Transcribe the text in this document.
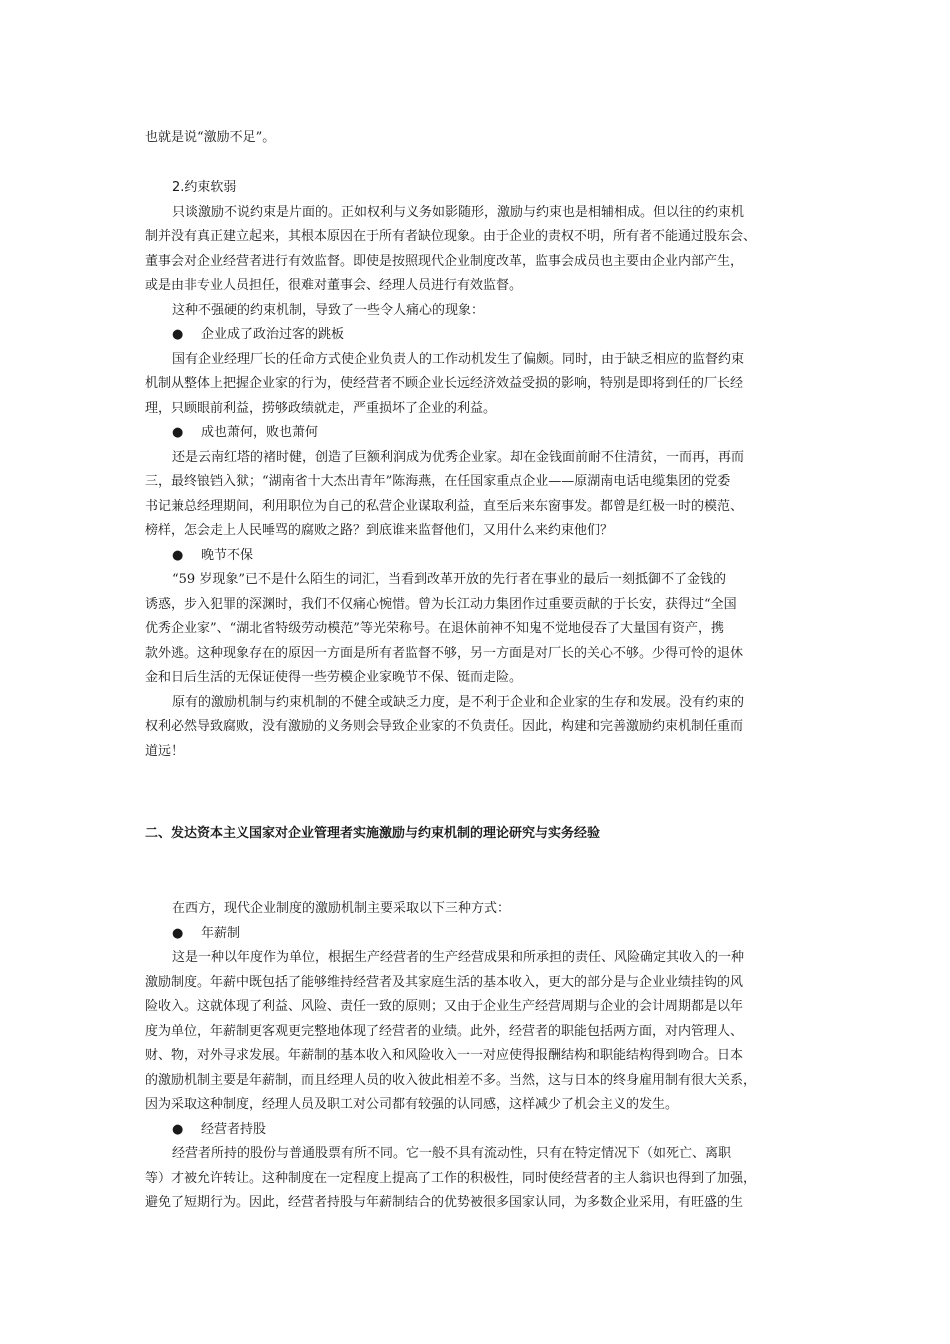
也就是说“激励不足”。

2.约束软弱

只谈激励不说约束是片面的。正如权利与义务如影随形，激励与约束也是相辅相成。但以往的约束机

制并没有真正建立起来，其根本原因在于所有者缺位现象。由于企业的责权不明，所有者不能通过股东会、

董事会对企业经营者进行有效监督。即使是按照现代企业制度改革，监事会成员也主要由企业内部产生，

或是由非专业人员担任，很难对董事会、经理人员进行有效监督。

这种不强硬的约束机制，导致了一些令人痛心的现象：

● 企业成了政治过客的跳板

国有企业经理厂长的任命方式使企业负责人的工作动机发生了偏颇。同时，由于缺乏相应的监督约束

机制从整体上把握企业家的行为，使经营者不顾企业长远经济效益受损的影响，特别是即将到任的厂长经

理，只顾眼前利益，捞够政绩就走，严重损坏了企业的利益。

● 成也萧何，败也萧何

还是云南红塔的褚时健，创造了巨额利润成为优秀企业家。却在金钱面前耐不住清贫，一而再，再而

三，最终锒铛入狱；“湖南省十大杰出青年”陈海燕，在任国家重点企业——原湖南电话电缆集团的党委

书记兼总经理期间，利用职位为自己的私营企业谋取利益，直至后来东窗事发。都曾是红极一时的模范、

榜样，怎会走上人民唾骂的腐败之路？到底谁来监督他们，又用什么来约束他们？

● 晚节不保

“59 岁现象”已不是什么陌生的词汇，当看到改革开放的先行者在事业的最后一刻抵御不了金钱的

诱惑，步入犯罪的深渊时，我们不仅痛心惋惜。曾为长江动力集团作过重要贡献的于长安，获得过“全国

优秀企业家”、“湖北省特级劳动模范”等光荣称号。在退休前神不知鬼不觉地侵吞了大量国有资产，携

款外逃。这种现象存在的原因一方面是所有者监督不够，另一方面是对厂长的关心不够。少得可怜的退休

金和日后生活的无保证使得一些劳模企业家晚节不保、铤而走险。

原有的激励机制与约束机制的不健全或缺乏力度，是不利于企业和企业家的生存和发展。没有约束的

权利必然导致腐败，没有激励的义务则会导致企业家的不负责任。因此，构建和完善激励约束机制任重而

道远！

二、发达资本主义国家对企业管理者实施激励与约束机制的理论研究与实务经验

在西方，现代企业制度的激励机制主要采取以下三种方式：

● 年薪制

这是一种以年度作为单位，根据生产经营者的生产经营成果和所承担的责任、风险确定其收入的一种

激励制度。年薪中既包括了能够维持经营者及其家庭生活的基本收入，更大的部分是与企业业绩挂钩的风

险收入。这就体现了利益、风险、责任一致的原则；又由于企业生产经营周期与企业的会计周期都是以年

度为单位，年薪制更客观更完整地体现了经营者的业绩。此外，经营者的职能包括两方面，对内管理人、

财、物，对外寻求发展。年薪制的基本收入和风险收入一一对应使得报酬结构和职能结构得到吻合。日本

的激励机制主要是年薪制，而且经理人员的收入彼此相差不多。当然，这与日本的终身雇用制有很大关系，

因为采取这种制度，经理人员及职工对公司都有较强的认同感，这样减少了机会主义的发生。

● 经营者持股

经营者所持的股份与普通股票有所不同。它一般不具有流动性，只有在特定情况下（如死亡、离职

等）才被允许转让。这种制度在一定程度上提高了工作的积极性，同时使经营者的主人翁识也得到了加强，

避免了短期行为。因此，经营者持股与年薪制结合的优势被很多国家认同，为多数企业采用，有旺盛的生
